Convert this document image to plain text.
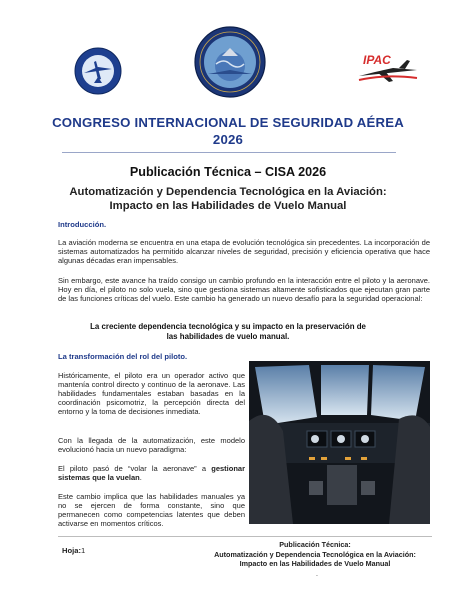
IPAC
CONGRESO INTERNACIONAL DE SEGURIDAD AÉREA
2026
Publicación Técnica – CISA 2026
Automatización y Dependencia Tecnológica en la Aviación:
Impacto en las Habilidades de Vuelo Manual
Introducción.

La aviación moderna se encuentra en una etapa de evolución tecnológica sin precedentes. La incorporación de sistemas automatizados ha permitido alcanzar niveles de seguridad, precisión y eficiencia operativa que hace algunas décadas eran impensables.

Sin embargo, este avance ha traído consigo un cambio profundo en la interacción entre el piloto y la aeronave. Hoy en día, el piloto no solo vuela, sino que gestiona sistemas altamente sofisticados que ejecutan gran parte de las funciones críticas del vuelo. Este cambio ha generado un nuevo desafío para la seguridad operacional:

La creciente dependencia tecnológica y su impacto en la preservación de
las habilidades de vuelo manual.
La transformación del rol del piloto.

Históricamente, el piloto era un operador activo que mantenía control directo y continuo de la aeronave. Las habilidades fundamentales estaban basadas en la coordinación psicomotriz, la percepción directa del entorno y la toma de decisiones inmediata.

Con la llegada de la automatización, este modelo evolucionó hacia un nuevo paradigma:

El piloto pasó de “volar la aeronave” a gestionar sistemas que la vuelan.

Este cambio implica que las habilidades manuales ya no se ejercen de forma constante, sino que permanecen como competencias latentes que deben activarse en momentos críticos.

Hoja:1
Publicación Técnica:
Automatización y Dependencia Tecnológica en la Aviación:
Impacto en las Habilidades de Vuelo Manual
.
